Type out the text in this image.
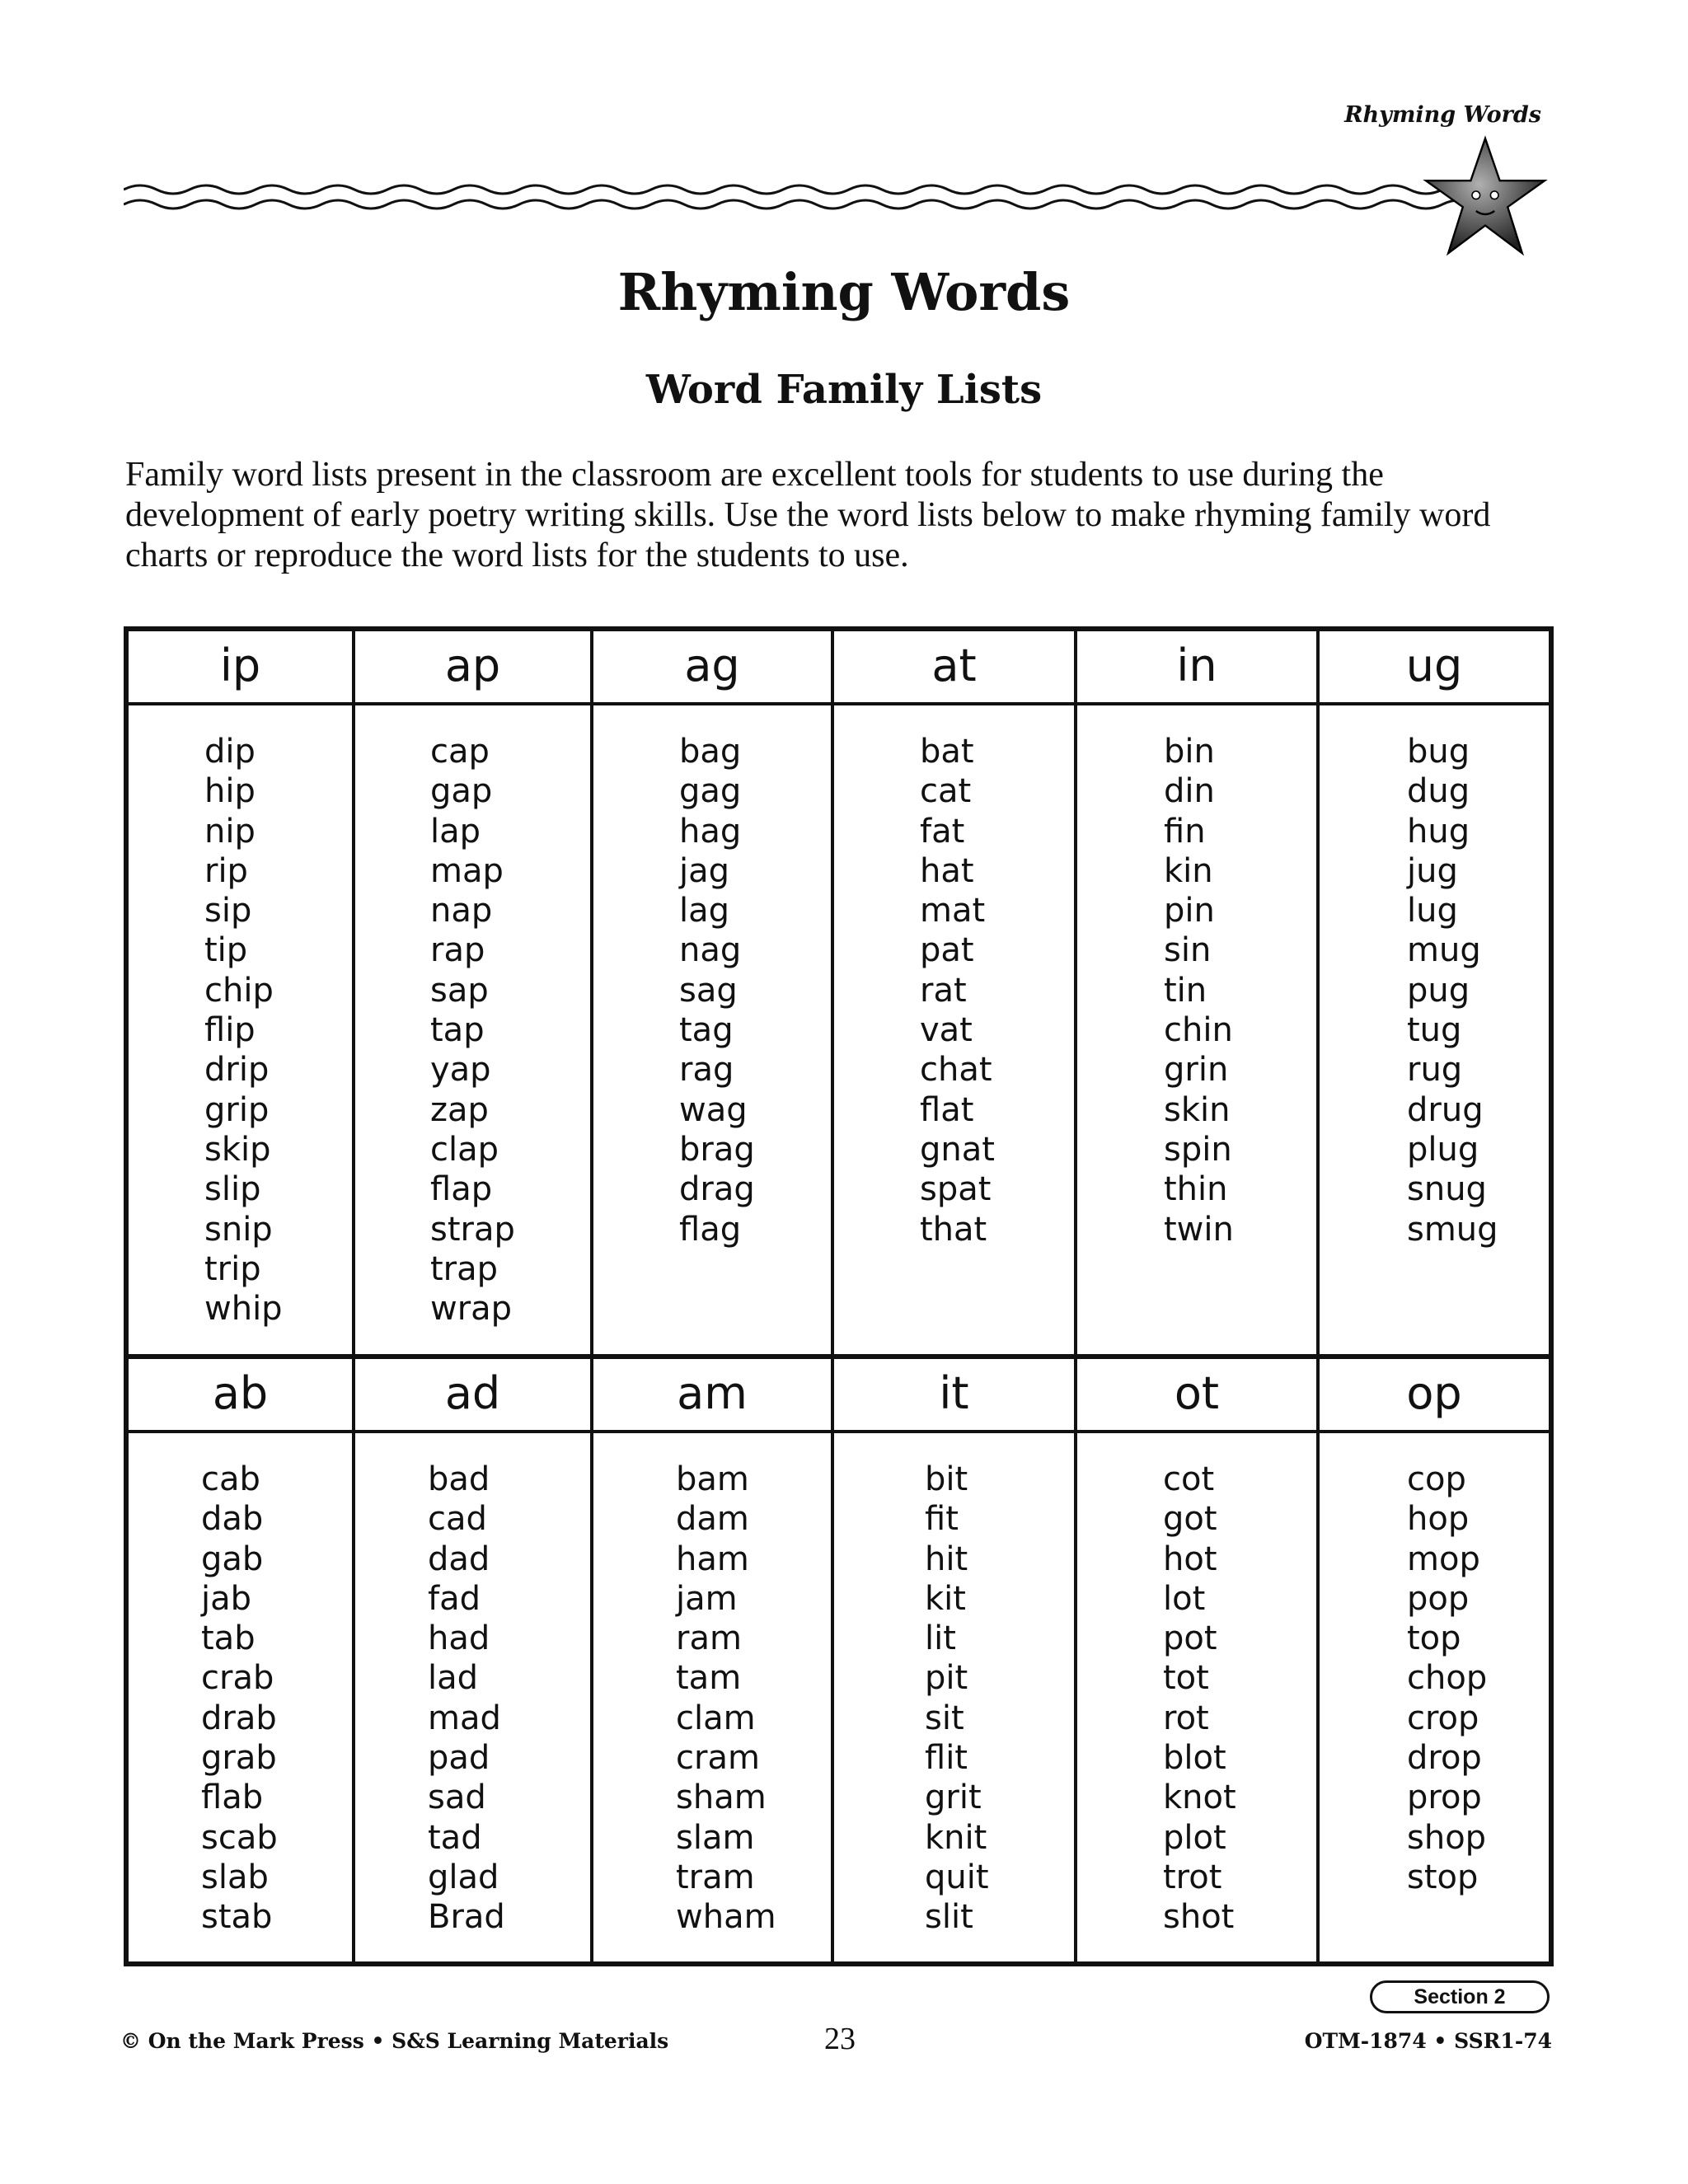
Rhyming Words
Rhyming Words
Word Family Lists
Family word lists present in the classroom are excellent tools for students to use during the development of early poetry writing skills. Use the word lists below to make rhyming family word charts or reproduce the word lists for the students to use.
ip
dip
hip
nip
rip
sip
tip
chip
flip
drip
grip
skip
slip
snip
trip
whip
ap
cap
gap
lap
map
nap
rap
sap
tap
yap
zap
clap
flap
strap
trap
wrap
ag
bag
gag
hag
jag
lag
nag
sag
tag
rag
wag
brag
drag
flag
at
bat
cat
fat
hat
mat
pat
rat
vat
chat
flat
gnat
spat
that
in
bin
din
fin
kin
pin
sin
tin
chin
grin
skin
spin
thin
twin
ug
bug
dug
hug
jug
lug
mug
pug
tug
rug
drug
plug
snug
smug
ab
cab
dab
gab
jab
tab
crab
drab
grab
flab
scab
slab
stab
ad
bad
cad
dad
fad
had
lad
mad
pad
sad
tad
glad
Brad
am
bam
dam
ham
jam
ram
tam
clam
cram
sham
slam
tram
wham
it
bit
fit
hit
kit
lit
pit
sit
flit
grit
knit
quit
slit
ot
cot
got
hot
lot
pot
tot
rot
blot
knot
plot
trot
shot
op
cop
hop
mop
pop
top
chop
crop
drop
prop
shop
stop
Section 2
© On the Mark Press • S&S Learning Materials	23	OTM-1874 • SSR1-74
